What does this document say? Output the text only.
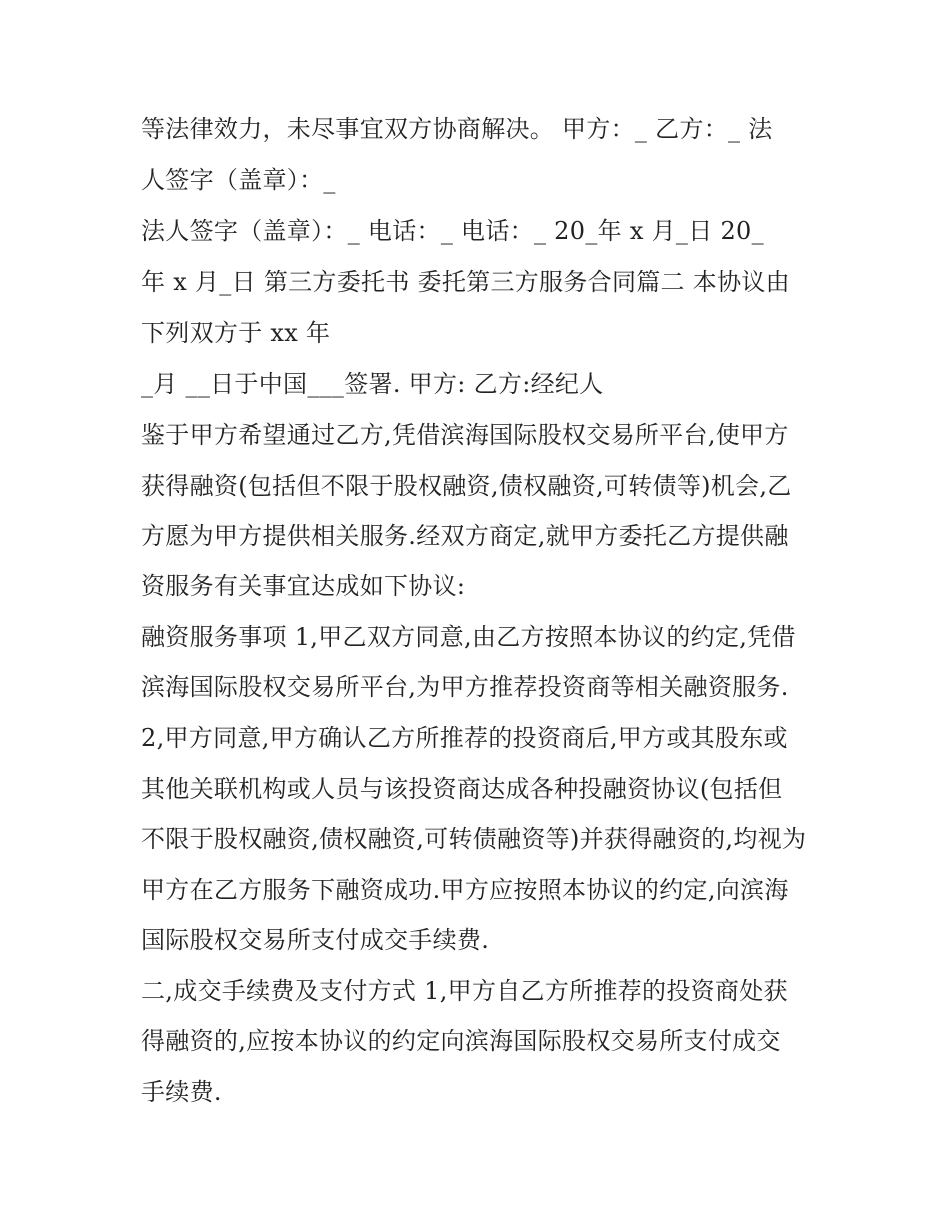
等法律效力，未尽事宜双方协商解决。 甲方：_ 乙方：_ 法
人签字（盖章）：_
法人签字（盖章）：_ 电话：_ 电话：_ 20_年 x 月_日 20_
年 x 月_日 第三方委托书 委托第三方服务合同篇二 本协议由
下列双方于 xx 年
_月 __日于中国___签署. 甲方: 乙方:经纪人
鉴于甲方希望通过乙方,凭借滨海国际股权交易所平台,使甲方
获得融资(包括但不限于股权融资,债权融资,可转债等)机会,乙
方愿为甲方提供相关服务.经双方商定,就甲方委托乙方提供融
资服务有关事宜达成如下协议:
融资服务事项 1,甲乙双方同意,由乙方按照本协议的约定,凭借
滨海国际股权交易所平台,为甲方推荐投资商等相关融资服务.
2,甲方同意,甲方确认乙方所推荐的投资商后,甲方或其股东或
其他关联机构或人员与该投资商达成各种投融资协议(包括但
不限于股权融资,债权融资,可转债融资等)并获得融资的,均视为
甲方在乙方服务下融资成功.甲方应按照本协议的约定,向滨海
国际股权交易所支付成交手续费.
二,成交手续费及支付方式 1,甲方自乙方所推荐的投资商处获
得融资的,应按本协议的约定向滨海国际股权交易所支付成交
手续费.
